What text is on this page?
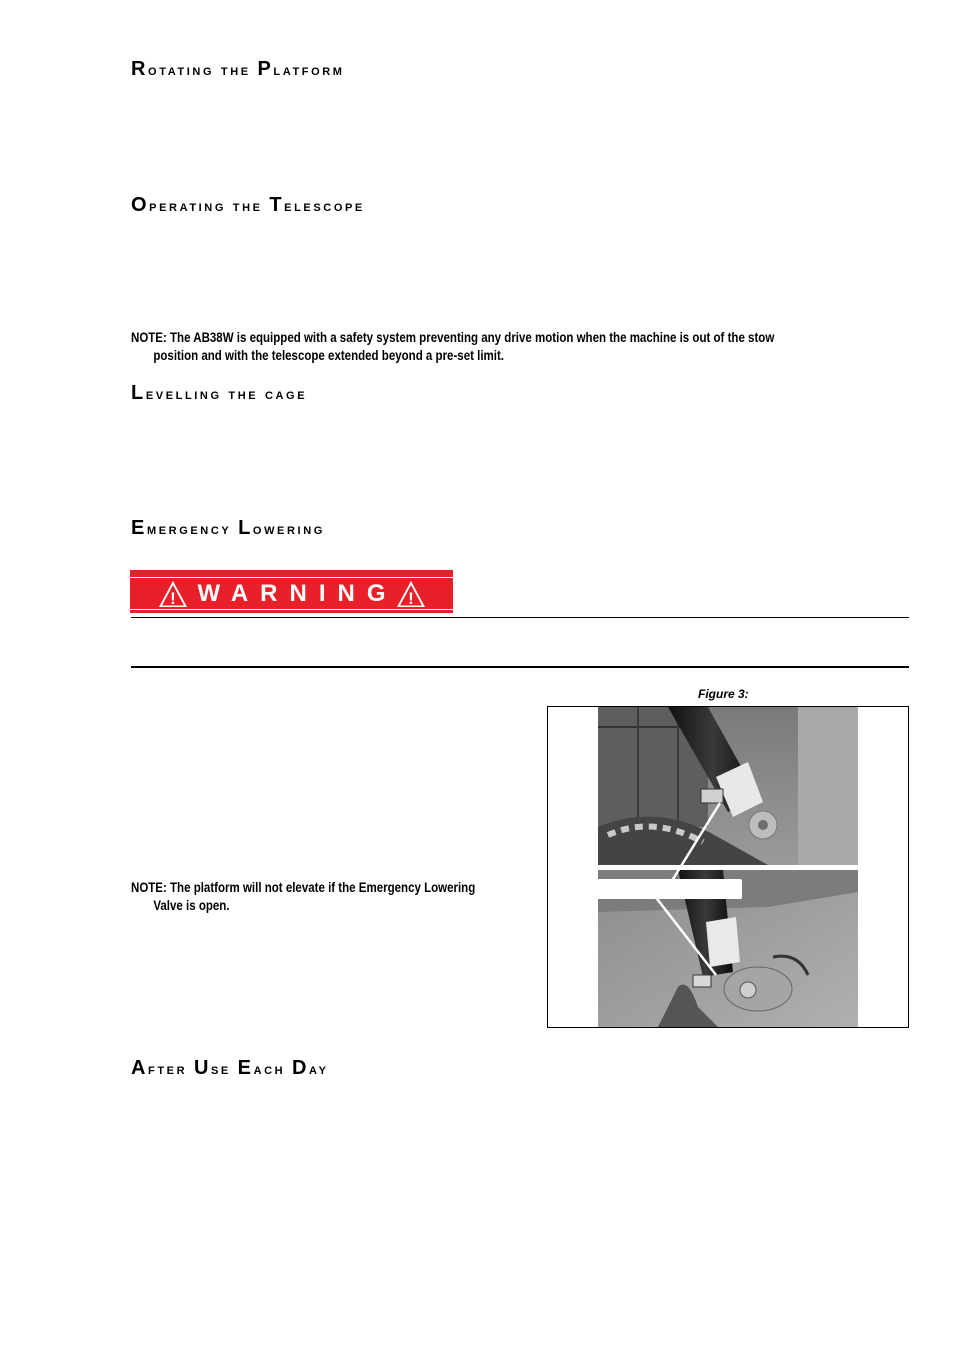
Rotating the Platform
Operating the Telescope

NOTE: The AB38W is equipped with a safety system preventing any drive motion when the machine is out of the stow
position and with the telescope extended beyond a pre-set limit.

Levelling the cage
Emergency Lowering
! WARNING !
Figure 3:

NOTE: The platform will not elevate if the Emergency Lowering
Valve is open.

After Use Each Day
